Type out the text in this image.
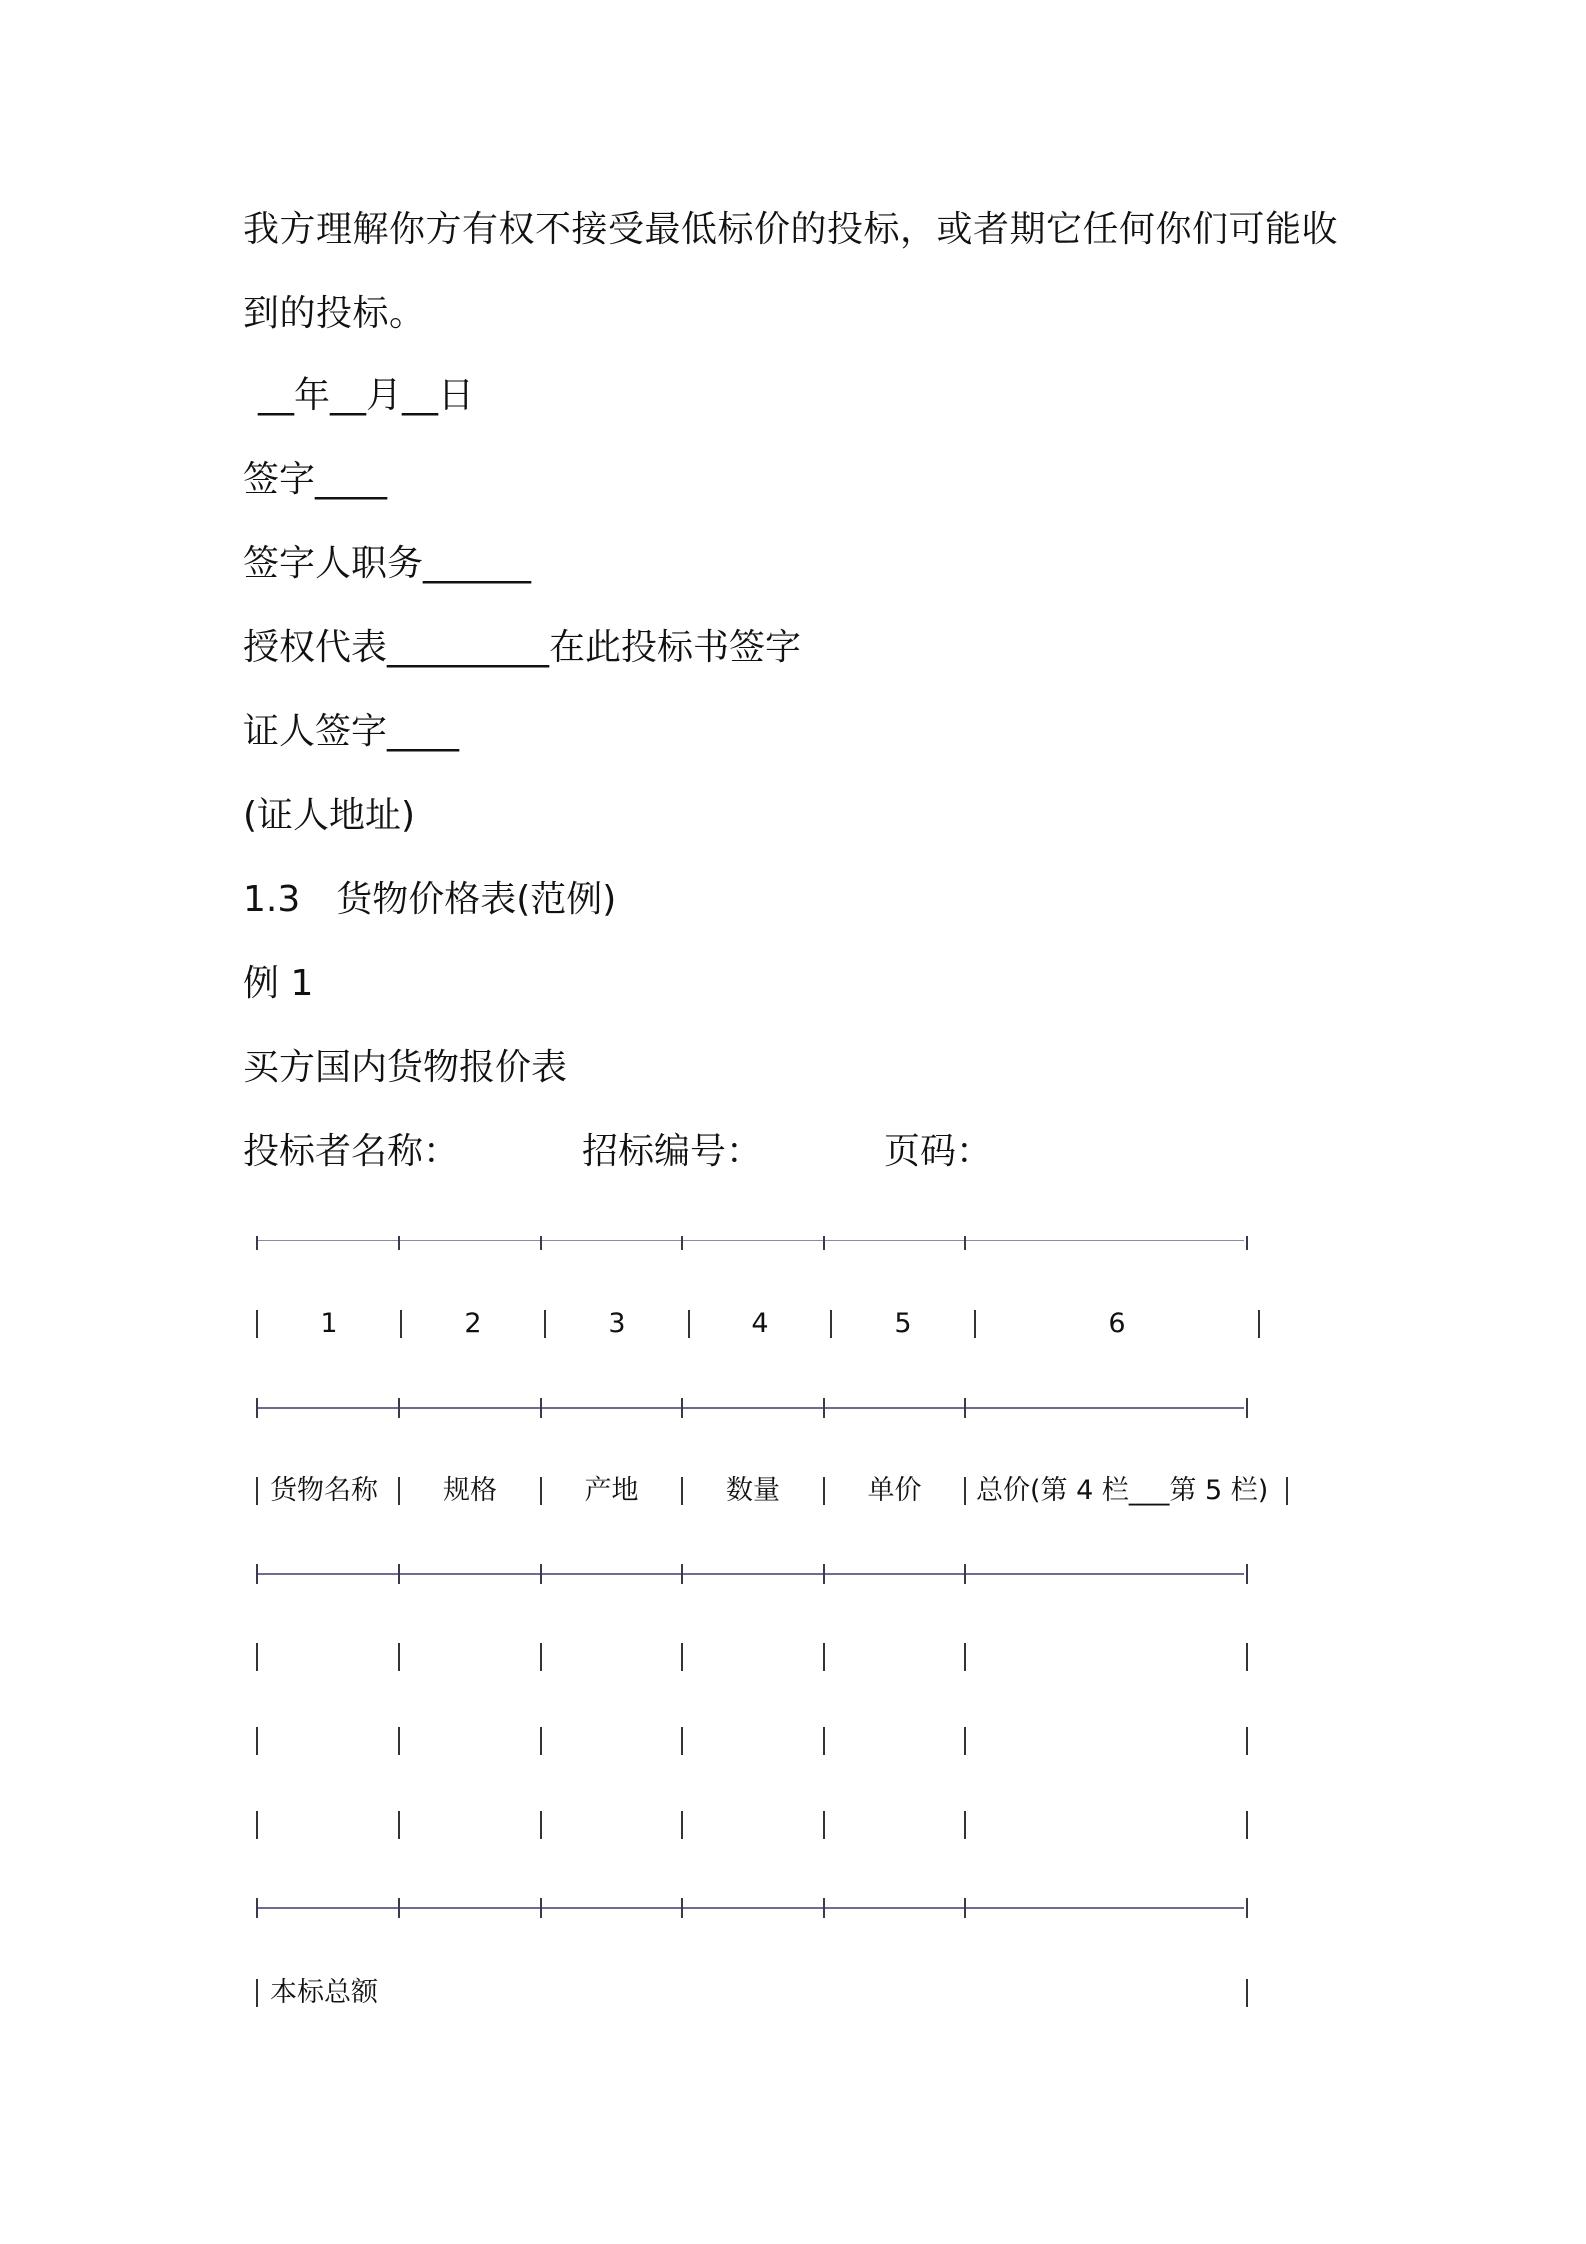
我方理解你方有权不接受最低标价的投标，或者期它任何你们可能收到的投标。
__年__月__日
签字____
签字人职务______
授权代表_________在此投标书签字
证人签字____
(证人地址)
1.3　货物价格表(范例)
例 1
买方国内货物报价表
投标者名称：	招标编号：	页码：
1	2	3	4	5	6
货物名称	规格	产地	数量	单价	总价(第 4 栏___第 5 栏)
本标总额
